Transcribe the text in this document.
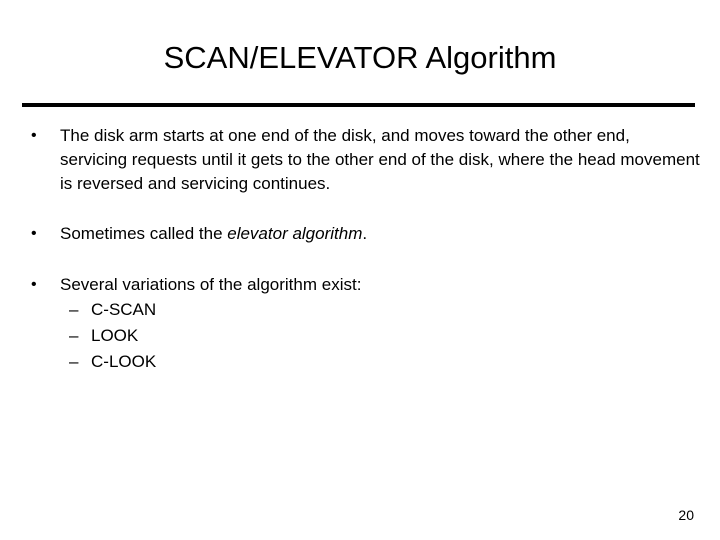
SCAN/ELEVATOR Algorithm
• The disk arm starts at one end of the disk, and moves toward the other end, servicing requests until it gets to the other end of the disk, where the head movement is reversed and servicing continues.
• Sometimes called the elevator algorithm.
• Several variations of the algorithm exist:
– C-SCAN
– LOOK
– C-LOOK
20
